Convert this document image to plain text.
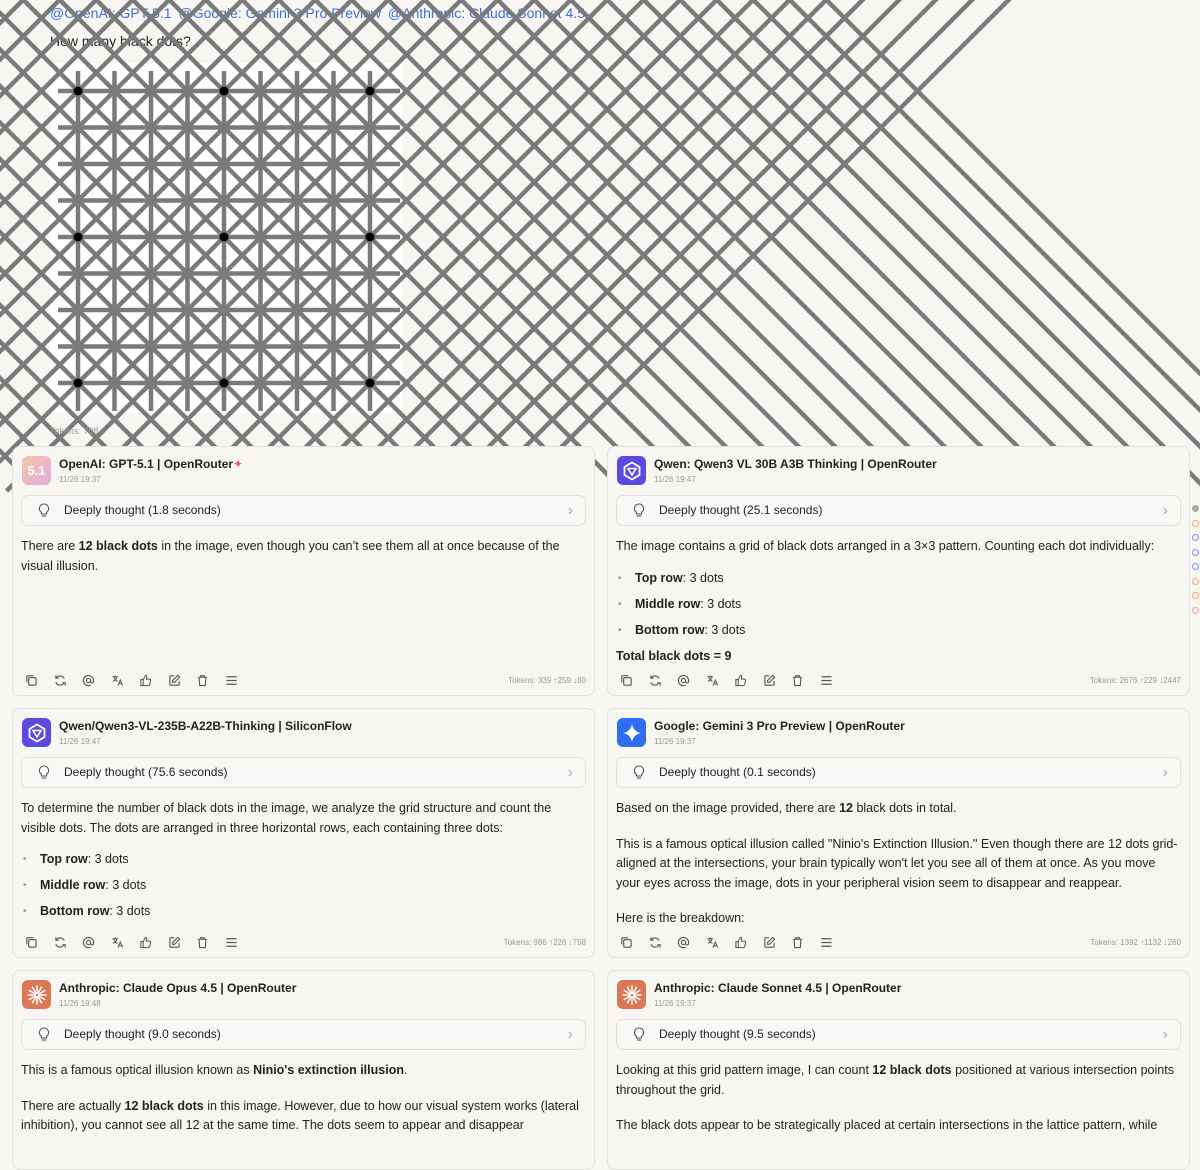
@OpenAI: GPT-5.1 @Google: Gemini 3 Pro Preview @Anthropic: Claude Sonnet 4.5
How many black dots?
Tokens: 708
5.1 OpenAI: GPT-5.1 | OpenRouter✦
11/26 19:37
Deeply thought (1.8 seconds)	›

There are 12 black dots in the image, even though you can’t see them all at once because of the visual illusion.

Tokens: 339 ↑259 ↓80
Qwen: Qwen3 VL 30B A3B Thinking | OpenRouter
11/26 19:47
Deeply thought (25.1 seconds)	›

The image contains a grid of black dots arranged in a 3×3 pattern. Counting each dot individually:

• Top row: 3 dots
• Middle row: 3 dots
• Bottom row: 3 dots

Total black dots = 9

Tokens: 2676 ↑229 ↓2447
Qwen/Qwen3-VL-235B-A22B-Thinking | SiliconFlow
11/26 19:47
Deeply thought (75.6 seconds)	›

To determine the number of black dots in the image, we analyze the grid structure and count the visible dots. The dots are arranged in three horizontal rows, each containing three dots:

• Top row: 3 dots
• Middle row: 3 dots
• Bottom row: 3 dots
Tokens: 986 ↑228 ↓758
Google: Gemini 3 Pro Preview | OpenRouter
11/26 19:37
Deeply thought (0.1 seconds)	›

Based on the image provided, there are 12 black dots in total.

This is a famous optical illusion called "Ninio's Extinction Illusion." Even though there are 12 dots grid-aligned at the intersections, your brain typically won't let you see all of them at once. As you move your eyes across the image, dots in your peripheral vision seem to disappear and reappear.

Here is the breakdown:

Tokens: 1392 ↑1132 ↓260
Anthropic: Claude Opus 4.5 | OpenRouter
11/26 19:48
Deeply thought (9.0 seconds)	›

This is a famous optical illusion known as Ninio's extinction illusion.

There are actually 12 black dots in this image. However, due to how our visual system works (lateral inhibition), you cannot see all 12 at the same time. The dots seem to appear and disappear

Anthropic: Claude Sonnet 4.5 | OpenRouter
11/26 19:37
Deeply thought (9.5 seconds)	›

Looking at this grid pattern image, I can count 12 black dots positioned at various intersection points throughout the grid.

The black dots appear to be strategically placed at certain intersections in the lattice pattern, while
